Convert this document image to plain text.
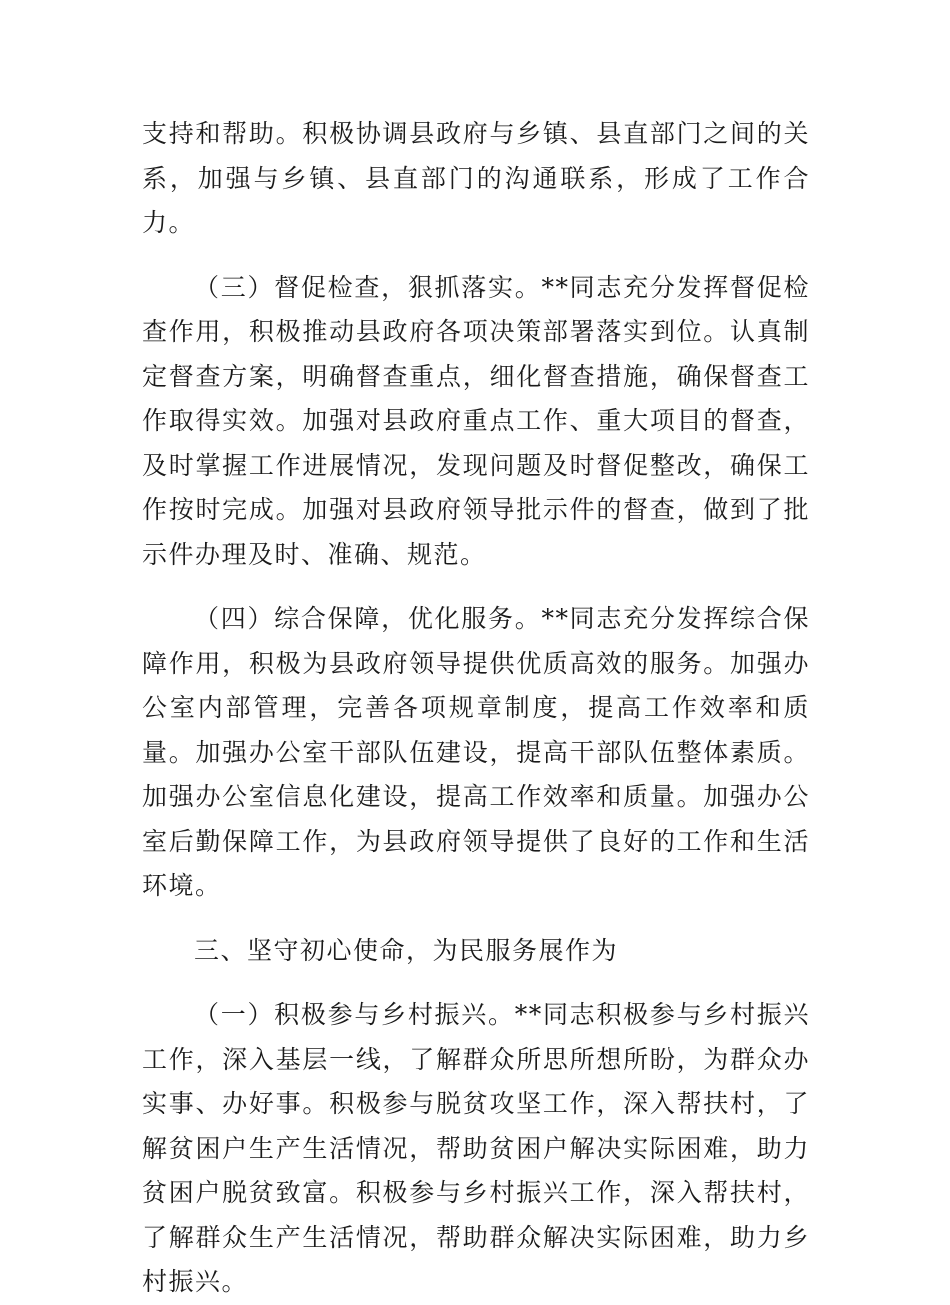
支持和帮助。积极协调县政府与乡镇、县直部门之间的关系，加强与乡镇、县直部门的沟通联系，形成了工作合力。

（三）督促检查，狠抓落实。**同志充分发挥督促检查作用，积极推动县政府各项决策部署落实到位。认真制定督查方案，明确督查重点，细化督查措施，确保督查工作取得实效。加强对县政府重点工作、重大项目的督查，及时掌握工作进展情况，发现问题及时督促整改，确保工作按时完成。加强对县政府领导批示件的督查，做到了批示件办理及时、准确、规范。

（四）综合保障，优化服务。**同志充分发挥综合保障作用，积极为县政府领导提供优质高效的服务。加强办公室内部管理，完善各项规章制度，提高工作效率和质量。加强办公室干部队伍建设，提高干部队伍整体素质。加强办公室信息化建设，提高工作效率和质量。加强办公室后勤保障工作，为县政府领导提供了良好的工作和生活环境。

三、坚守初心使命，为民服务展作为

（一）积极参与乡村振兴。**同志积极参与乡村振兴工作，深入基层一线，了解群众所思所想所盼，为群众办实事、办好事。积极参与脱贫攻坚工作，深入帮扶村，了解贫困户生产生活情况，帮助贫困户解决实际困难，助力贫困户脱贫致富。积极参与乡村振兴工作，深入帮扶村，了解群众生产生活情况，帮助群众解决实际困难，助力乡村振兴。
